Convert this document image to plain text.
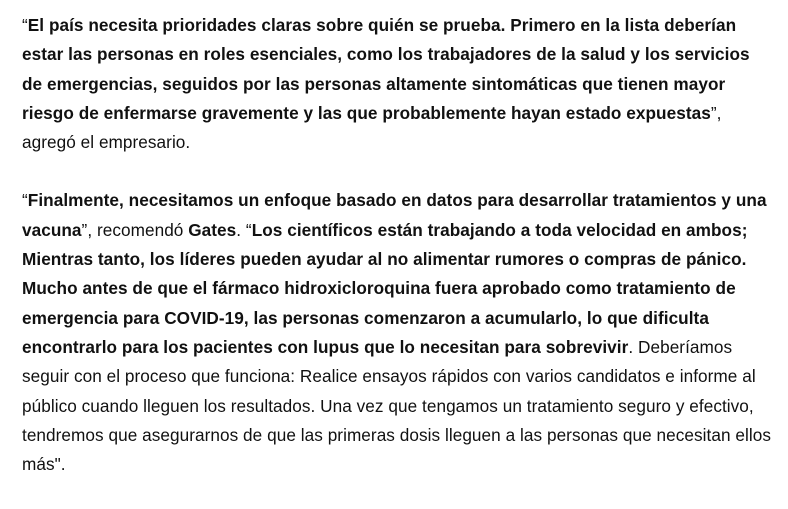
“El país necesita prioridades claras sobre quién se prueba. Primero en la lista deberían estar las personas en roles esenciales, como los trabajadores de la salud y los servicios de emergencias, seguidos por las personas altamente sintomáticas que tienen mayor riesgo de enfermarse gravemente y las que probablemente hayan estado expuestas”, agregó el empresario.

“Finalmente, necesitamos un enfoque basado en datos para desarrollar tratamientos y una vacuna”, recomendó Gates. “Los científicos están trabajando a toda velocidad en ambos; Mientras tanto, los líderes pueden ayudar al no alimentar rumores o compras de pánico. Mucho antes de que el fármaco hidroxicloroquina fuera aprobado como tratamiento de emergencia para COVID-19, las personas comenzaron a acumularlo, lo que dificulta encontrarlo para los pacientes con lupus que lo necesitan para sobrevivir. Deberíamos seguir con el proceso que funciona: Realice ensayos rápidos con varios candidatos e informe al público cuando lleguen los resultados. Una vez que tengamos un tratamiento seguro y efectivo, tendremos que asegurarnos de que las primeras dosis lleguen a las personas que necesitan ellos más".
